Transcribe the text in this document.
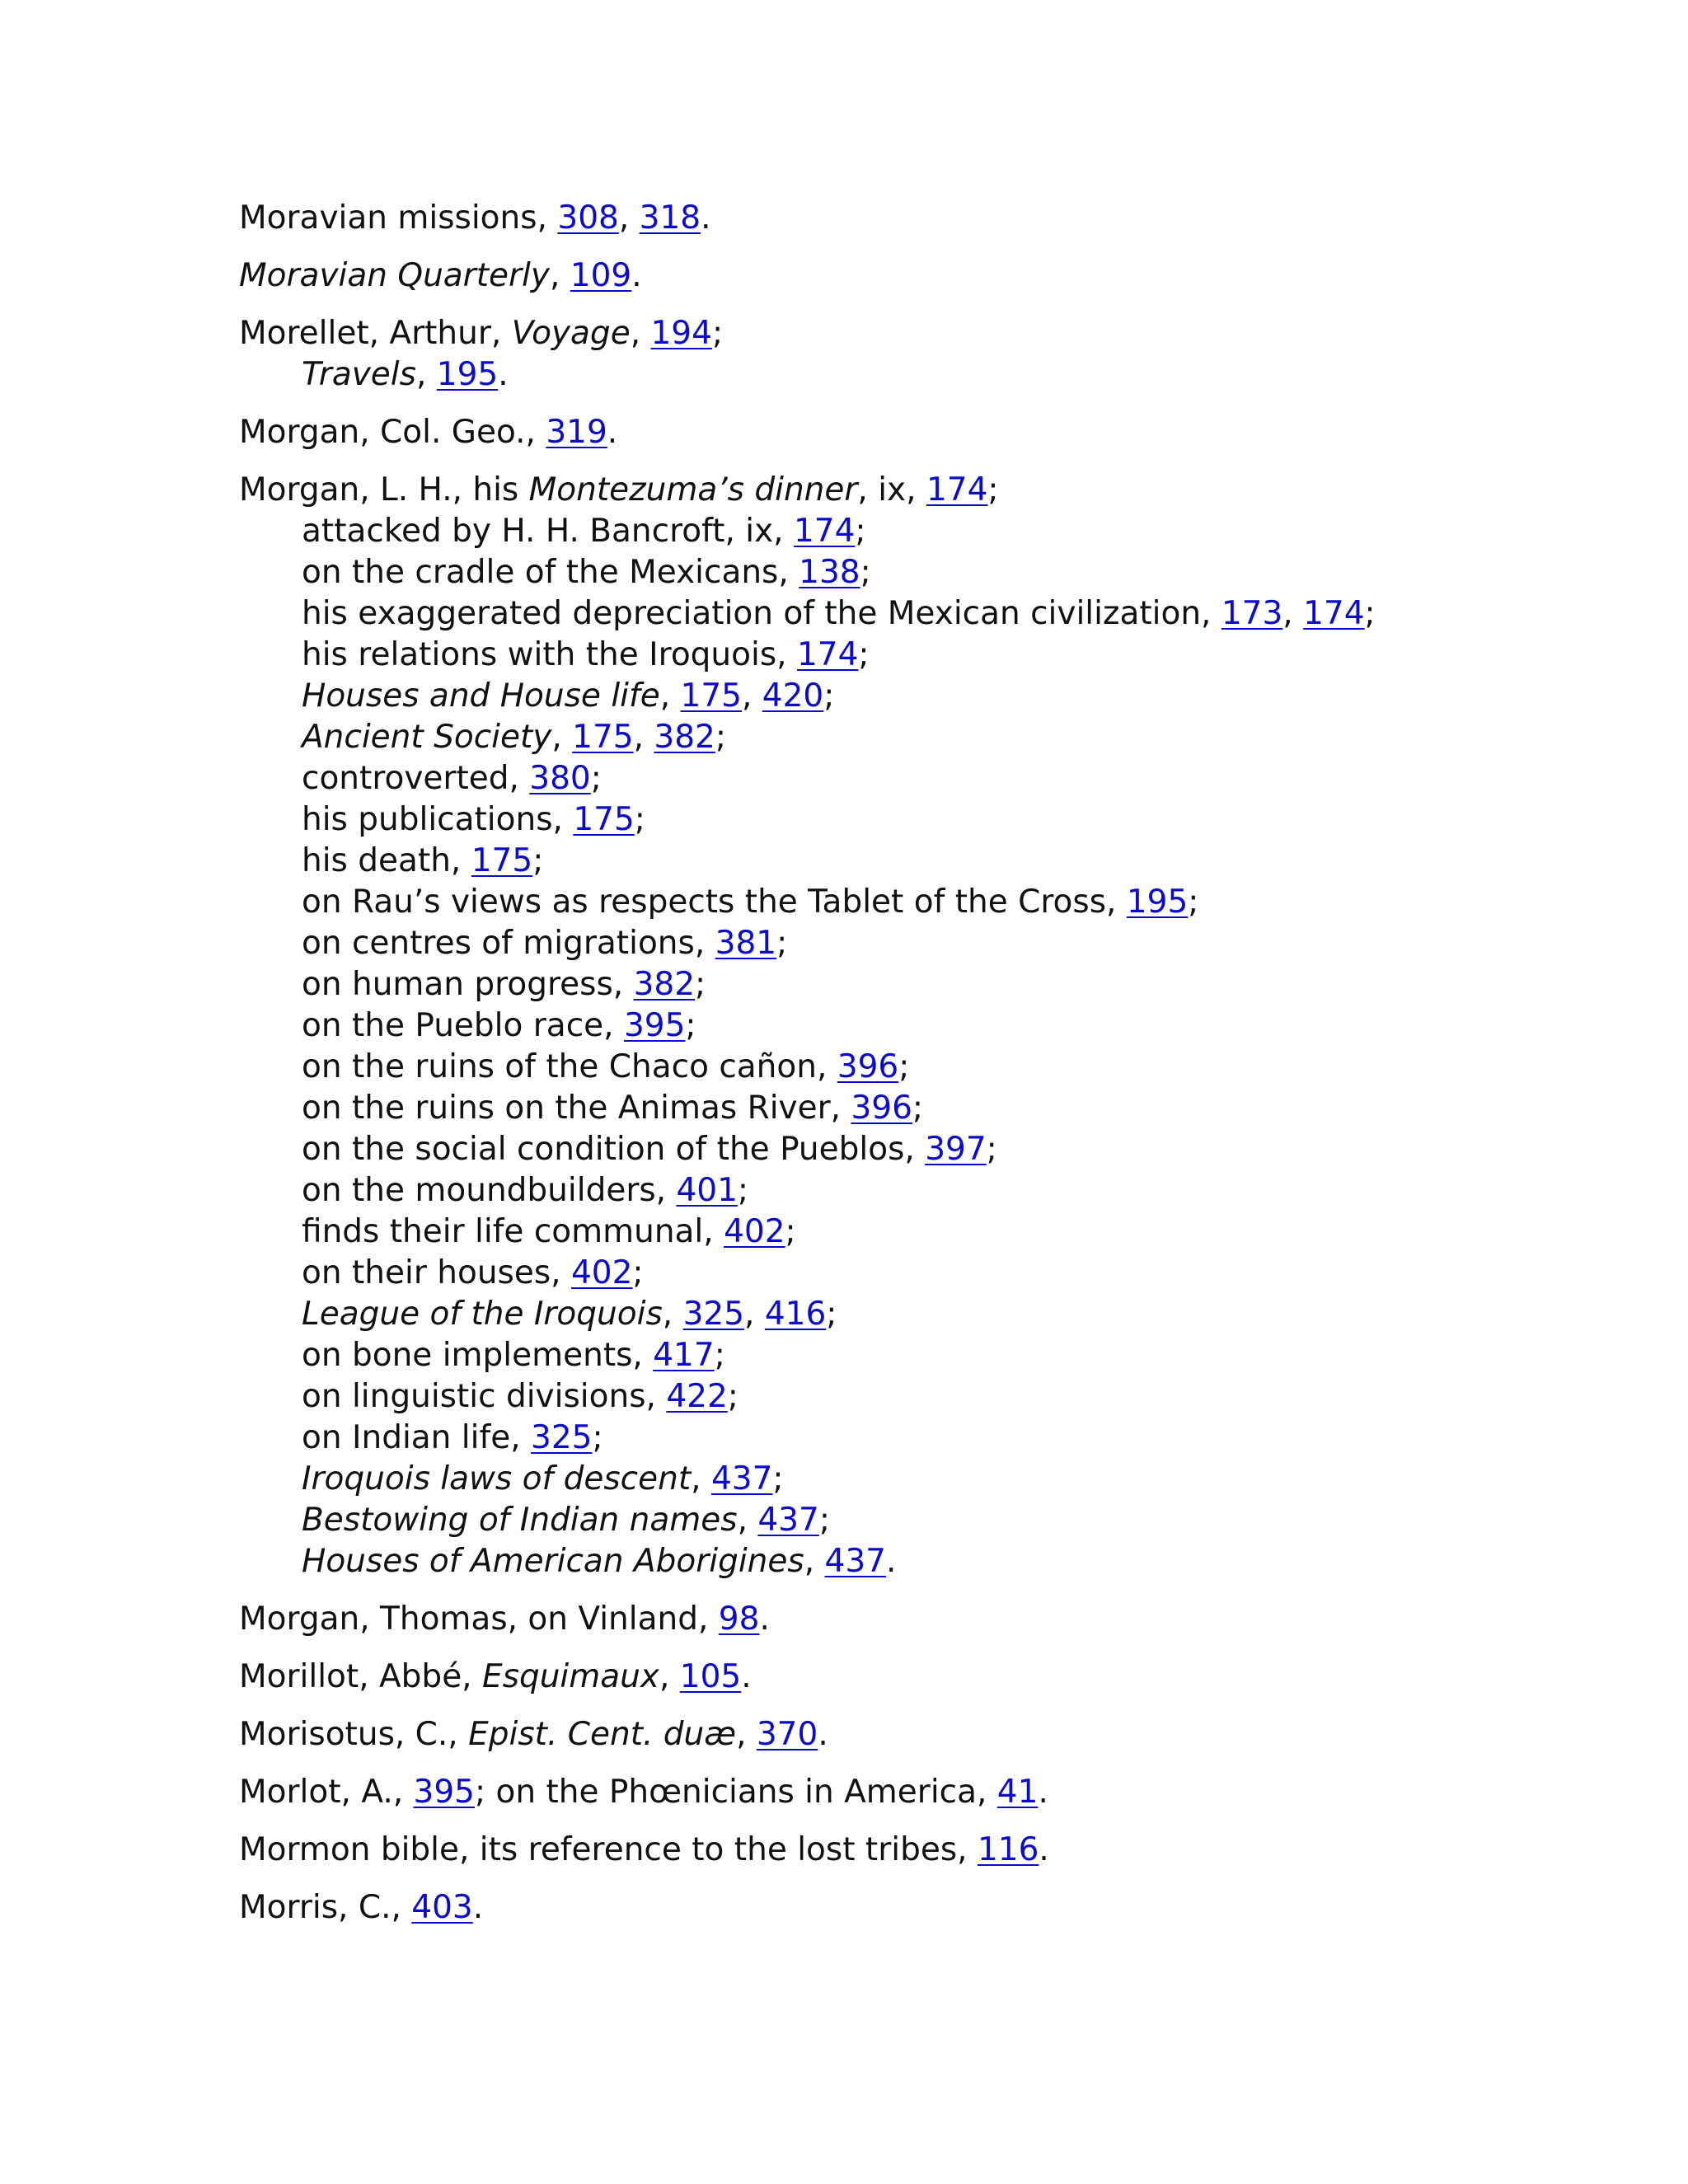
Moravian missions, 308, 318.
Moravian Quarterly, 109.
Morellet, Arthur, Voyage, 194;
Travels, 195.
Morgan, Col. Geo., 319.
Morgan, L. H., his Montezuma’s dinner, ix, 174;
attacked by H. H. Bancroft, ix, 174;
on the cradle of the Mexicans, 138;
his exaggerated depreciation of the Mexican civilization, 173, 174;
his relations with the Iroquois, 174;
Houses and House life, 175, 420;
Ancient Society, 175, 382;
controverted, 380;
his publications, 175;
his death, 175;
on Rau’s views as respects the Tablet of the Cross, 195;
on centres of migrations, 381;
on human progress, 382;
on the Pueblo race, 395;
on the ruins of the Chaco cañon, 396;
on the ruins on the Animas River, 396;
on the social condition of the Pueblos, 397;
on the moundbuilders, 401;
finds their life communal, 402;
on their houses, 402;
League of the Iroquois, 325, 416;
on bone implements, 417;
on linguistic divisions, 422;
on Indian life, 325;
Iroquois laws of descent, 437;
Bestowing of Indian names, 437;
Houses of American Aborigines, 437.
Morgan, Thomas, on Vinland, 98.
Morillot, Abbé, Esquimaux, 105.
Morisotus, C., Epist. Cent. duæ, 370.
Morlot, A., 395; on the Phœnicians in America, 41.
Mormon bible, its reference to the lost tribes, 116.
Morris, C., 403.
